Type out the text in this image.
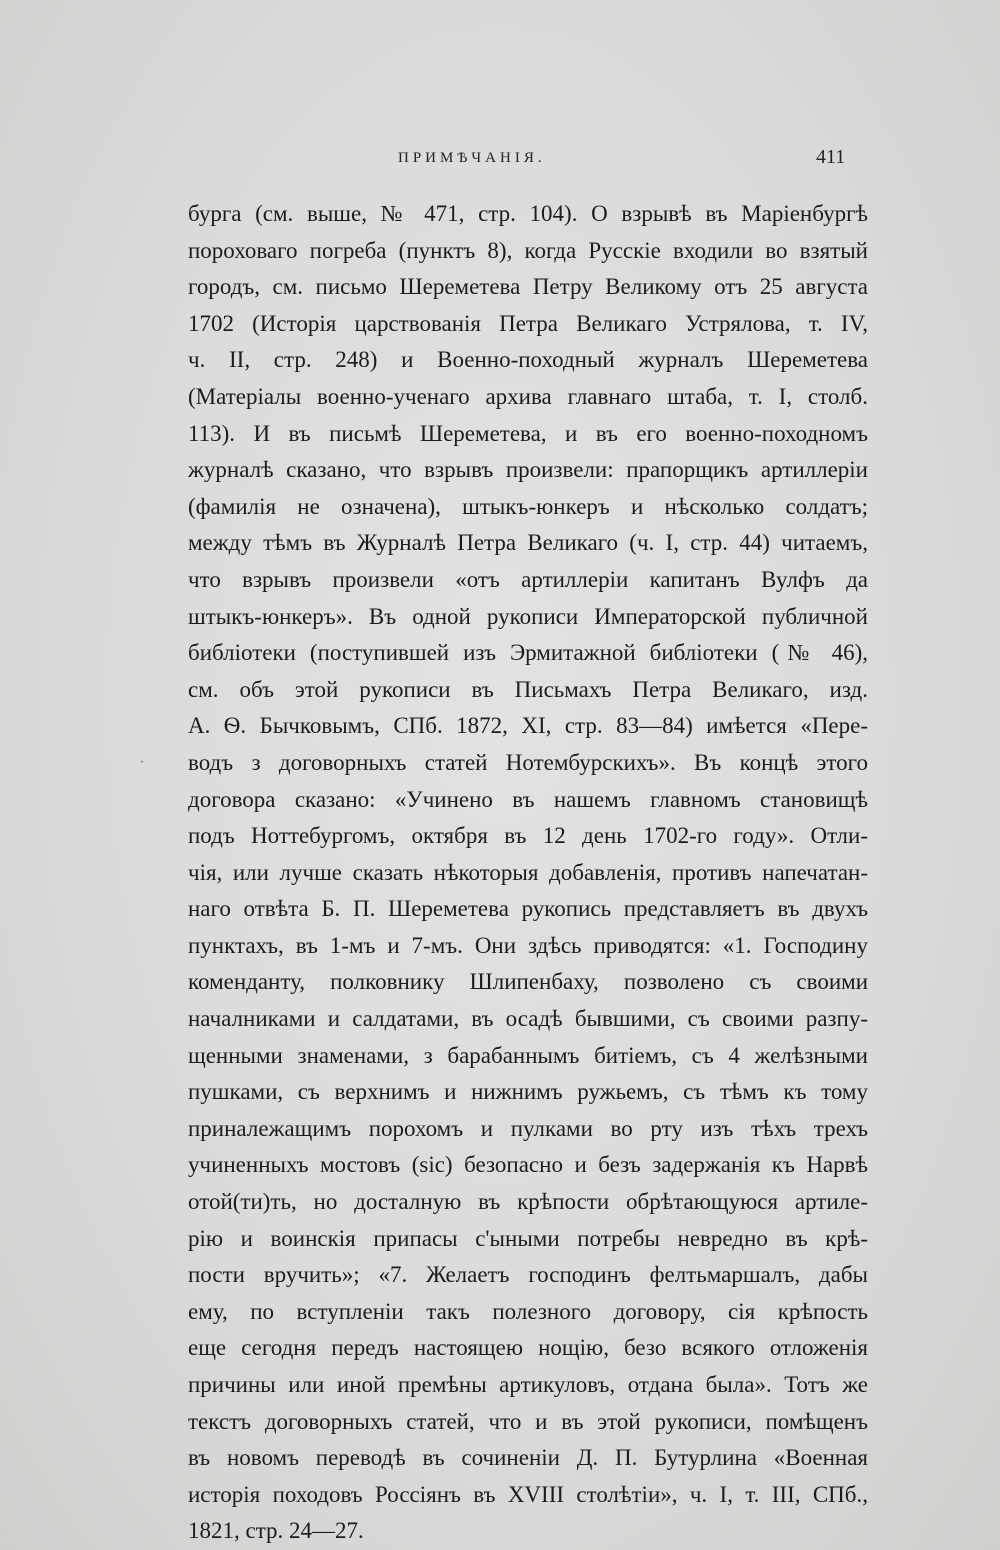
ПРИМѢЧАНІЯ.	411
·
бурга (см. выше, № 471, стр. 104). О взрывѣ въ Маріенбургѣ
пороховаго погреба (пунктъ 8), когда Русскіе входили во взятый
городъ, см. письмо Шереметева Петру Великому отъ 25 августа
1702 (Исторія царствованія Петра Великаго Устрялова, т. IV,
ч. II, стр. 248) и Военно-походный журналъ Шереметева
(Матеріалы военно-ученаго архива главнаго штаба, т. I, столб.
113). И въ письмѣ Шереметева, и въ его военно-походномъ
журналѣ сказано, что взрывъ произвели: прапорщикъ артиллеріи
(фамилія не означена), штыкъ-юнкеръ и нѣсколько солдатъ;
между тѣмъ въ Журналѣ Петра Великаго (ч. I, стр. 44) читаемъ,
что взрывъ произвели «отъ артиллеріи капитанъ Вулфъ да
штыкъ-юнкеръ». Въ одной рукописи Императорской публичной
библіотеки (поступившей изъ Эрмитажной библіотеки (№ 46),
см. объ этой рукописи въ Письмахъ Петра Великаго, изд.
А. Ѳ. Бычковымъ, СПб. 1872, XI, стр. 83—84) имѣется «Пере-
водъ з договорныхъ статей Нотембурскихъ». Въ концѣ этого
договора сказано: «Учинено въ нашемъ главномъ становищѣ
подъ Ноттебургомъ, октября въ 12 день 1702-го году». Отли-
чія, или лучше сказать нѣкоторыя добавленія, противъ напечатан-
наго отвѣта Б. П. Шереметева рукопись представляетъ въ двухъ
пунктахъ, въ 1-мъ и 7-мъ. Они здѣсь приводятся: «1. Господину
коменданту, полковнику Шлипенбаху, позволено съ своими
началниками и салдатами, въ осадѣ бывшими, съ своими разпу-
щенными знаменами, з барабаннымъ битіемъ, съ 4 желѣзными
пушками, съ верхнимъ и нижнимъ ружьемъ, съ тѣмъ къ тому
приналежащимъ порохомъ и пулками во рту изъ тѣхъ трехъ
учиненныхъ мостовъ (sic) безопасно и безъ задержанія къ Нарвѣ
отой(ти)ть, но досталную въ крѣпости обрѣтающуюся артиле-
рію и воинскія припасы с'ыными потребы невредно въ крѣ-
пости вручить»; «7. Желаетъ господинъ фелтьмаршалъ, дабы
ему, по вступленіи такъ полезного договору, сія крѣпость
еще сегодня передъ настоящею нощію, безо всякого отложенія
причины или иной премѣны артикуловъ, отдана была». Тотъ же
текстъ договорныхъ статей, что и въ этой рукописи, помѣщенъ
въ новомъ переводѣ въ сочиненіи Д. П. Бутурлина «Военная
исторія походовъ Россіянъ въ XVIII столѣтіи», ч. I, т. III, СПб.,
1821, стр. 24—27.
